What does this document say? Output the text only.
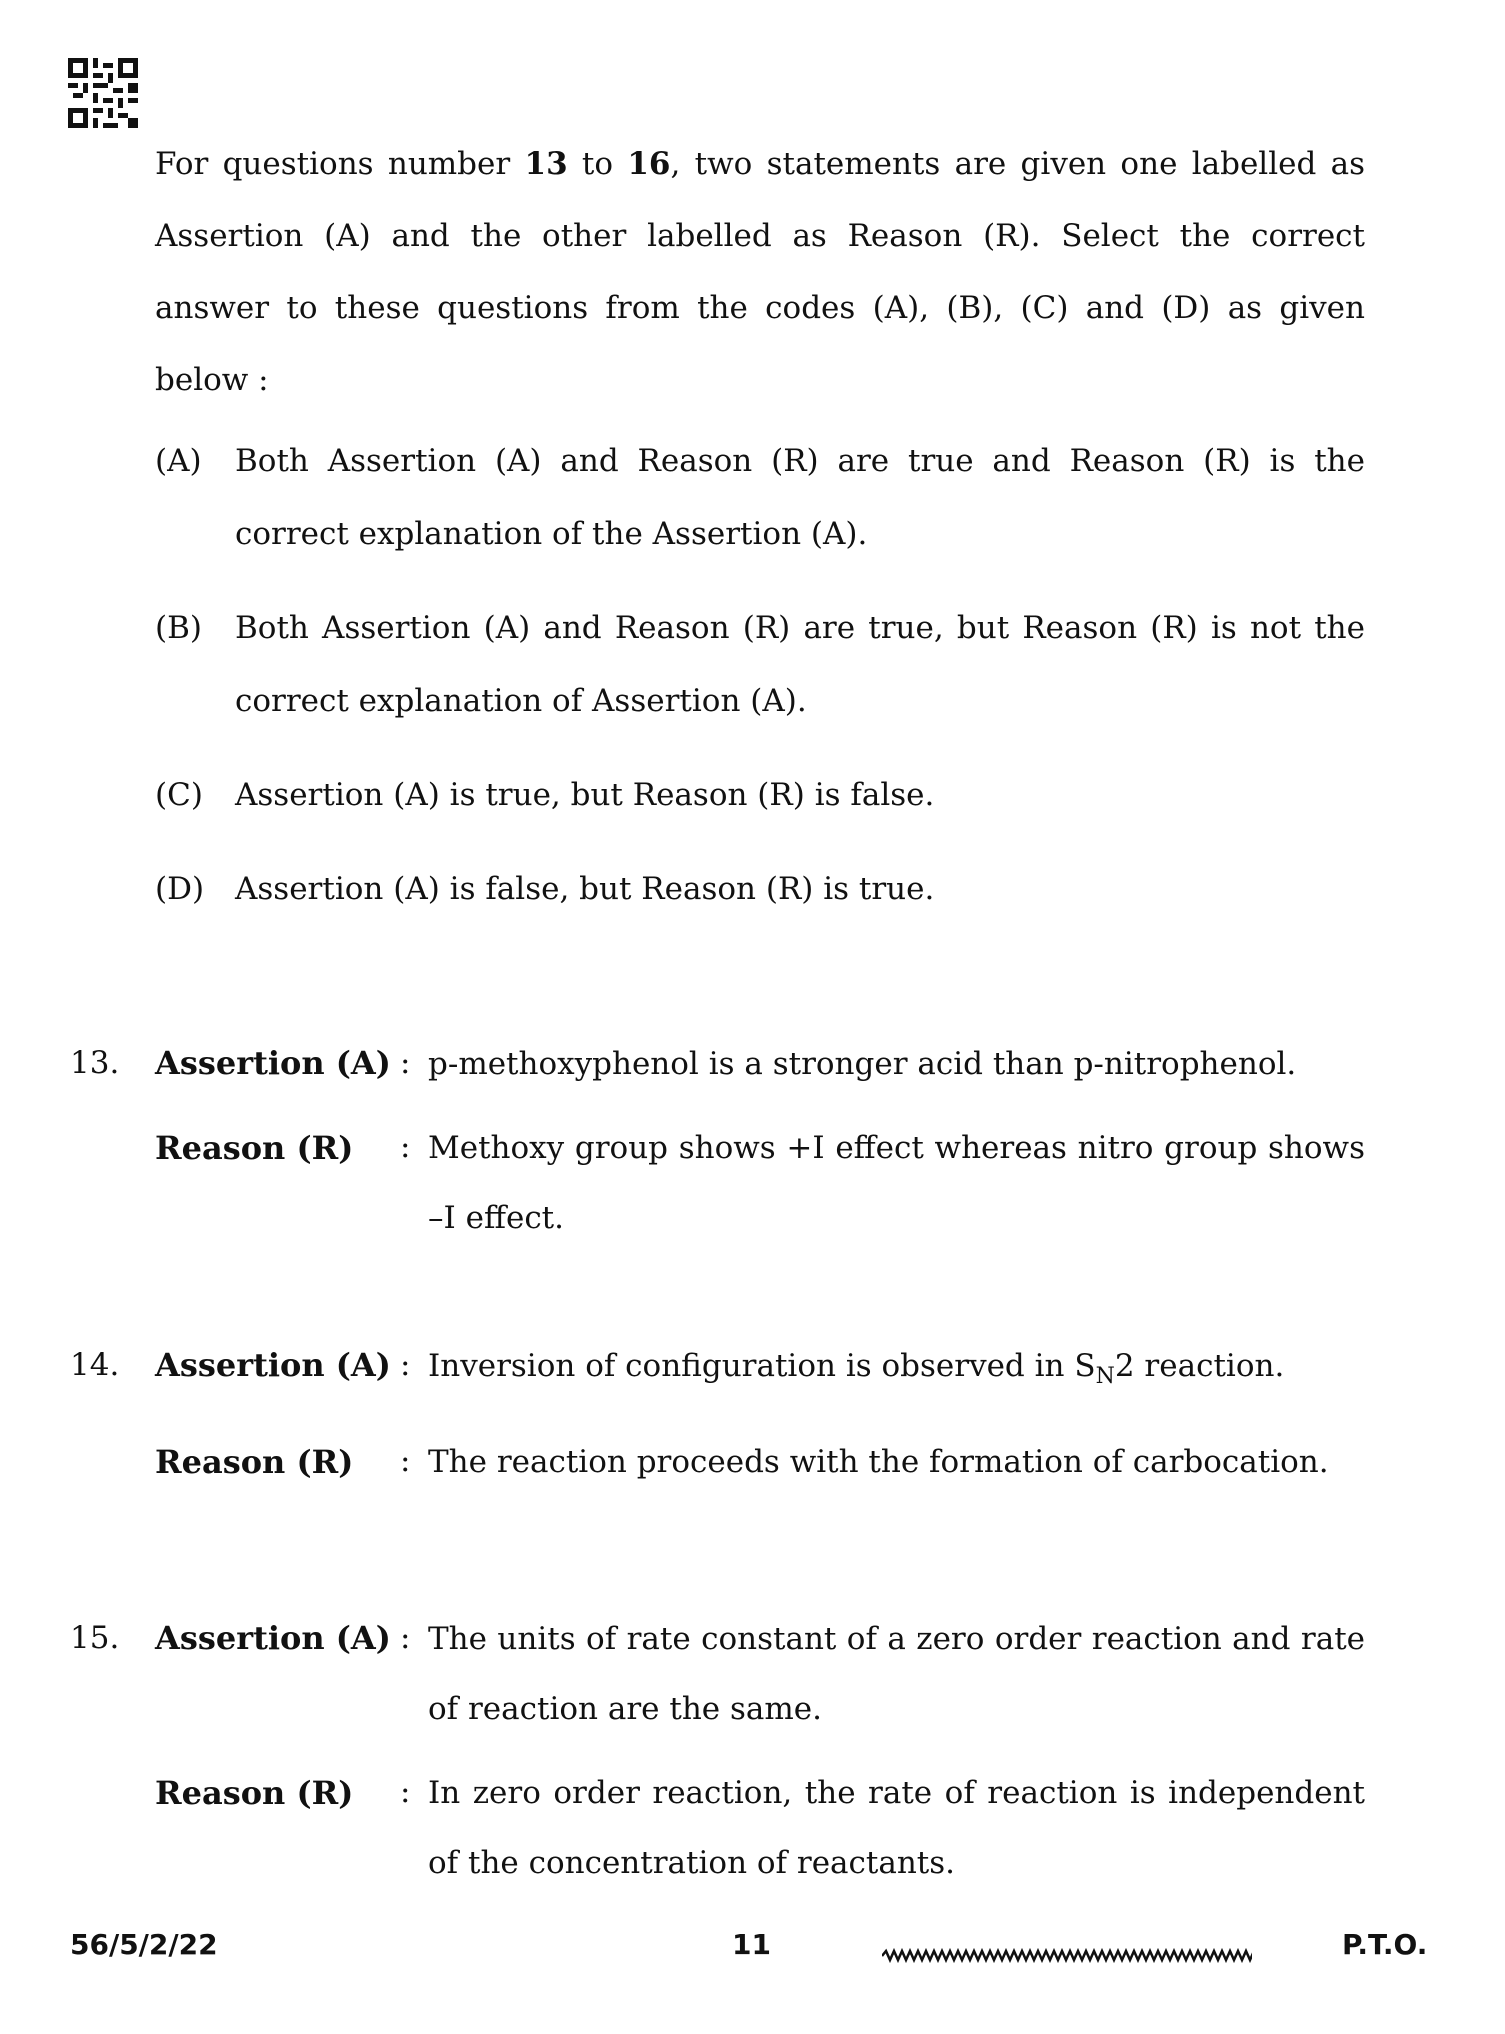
For questions number 13 to 16, two statements are given one labelled as Assertion (A) and the other labelled as Reason (R). Select the correct answer to these questions from the codes (A), (B), (C) and (D) as given below :
(A)	Both Assertion (A) and Reason (R) are true and Reason (R) is the correct explanation of the Assertion (A).
(B)	Both Assertion (A) and Reason (R) are true, but Reason (R) is not the correct explanation of Assertion (A).
(C)	Assertion (A) is true, but Reason (R) is false.
(D) Assertion (A) is false, but Reason (R) is true.
13. Assertion (A) : p-methoxyphenol is a stronger acid than p-nitrophenol.
Reason (R) : Methoxy group shows +I effect whereas nitro group shows –I effect.
14. Assertion (A) : Inversion of configuration is observed in $S_N2$ reaction.
Reason (R) : The reaction proceeds with the formation of carbocation.
15. Assertion (A) : The units of rate constant of a zero order reaction and rate of reaction are the same.
Reason (R) : In zero order reaction, the rate of reaction is independent of the concentration of reactants.
56/5/2/22	11	P.T.O.
